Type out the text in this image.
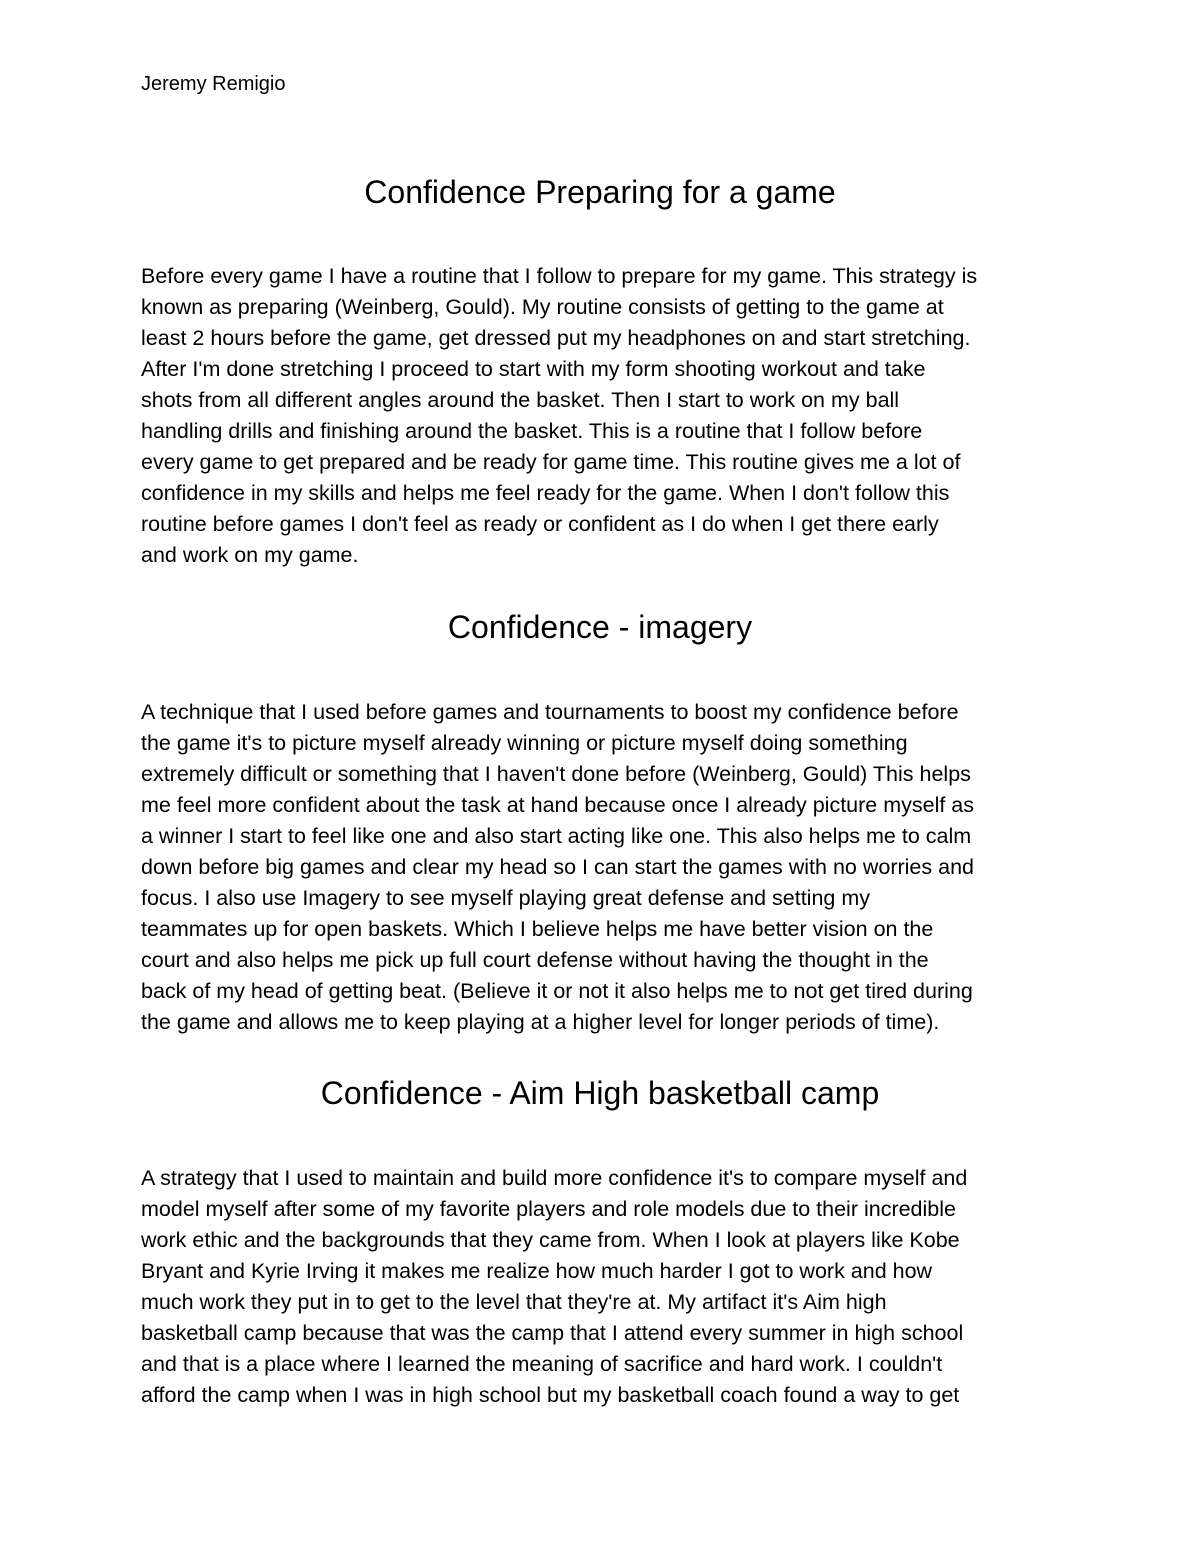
Jeremy Remigio

Confidence Preparing for a game
Before every game I have a routine that I follow to prepare for my game. This strategy is
known as preparing (Weinberg, Gould). My routine consists of getting to the game at
least 2 hours before the game, get dressed put my headphones on and start stretching.
After I'm done stretching I proceed to start with my form shooting workout and take
shots from all different angles around the basket. Then I start to work on my ball
handling drills and finishing around the basket. This is a routine that I follow before
every game to get prepared and be ready for game time. This routine gives me a lot of
confidence in my skills and helps me feel ready for the game. When I don't follow this
routine before games I don't feel as ready or confident as I do when I get there early
and work on my game.
Confidence - imagery
A technique that I used before games and tournaments to boost my confidence before
the game it's to picture myself already winning or picture myself doing something
extremely difficult or something that I haven't done before (Weinberg, Gould) This helps
me feel more confident about the task at hand because once I already picture myself as
a winner I start to feel like one and also start acting like one. This also helps me to calm
down before big games and clear my head so I can start the games with no worries and
focus. I also use Imagery to see myself playing great defense and setting my
teammates up for open baskets. Which I believe helps me have better vision on the
court and also helps me pick up full court defense without having the thought in the
back of my head of getting beat. (Believe it or not it also helps me to not get tired during
the game and allows me to keep playing at a higher level for longer periods of time).
Confidence - Aim High basketball camp
A strategy that I used to maintain and build more confidence it's to compare myself and
model myself after some of my favorite players and role models due to their incredible
work ethic and the backgrounds that they came from. When I look at players like Kobe
Bryant and Kyrie Irving it makes me realize how much harder I got to work and how
much work they put in to get to the level that they're at. My artifact it's Aim high
basketball camp because that was the camp that I attend every summer in high school
and that is a place where I learned the meaning of sacrifice and hard work. I couldn't
afford the camp when I was in high school but my basketball coach found a way to get
